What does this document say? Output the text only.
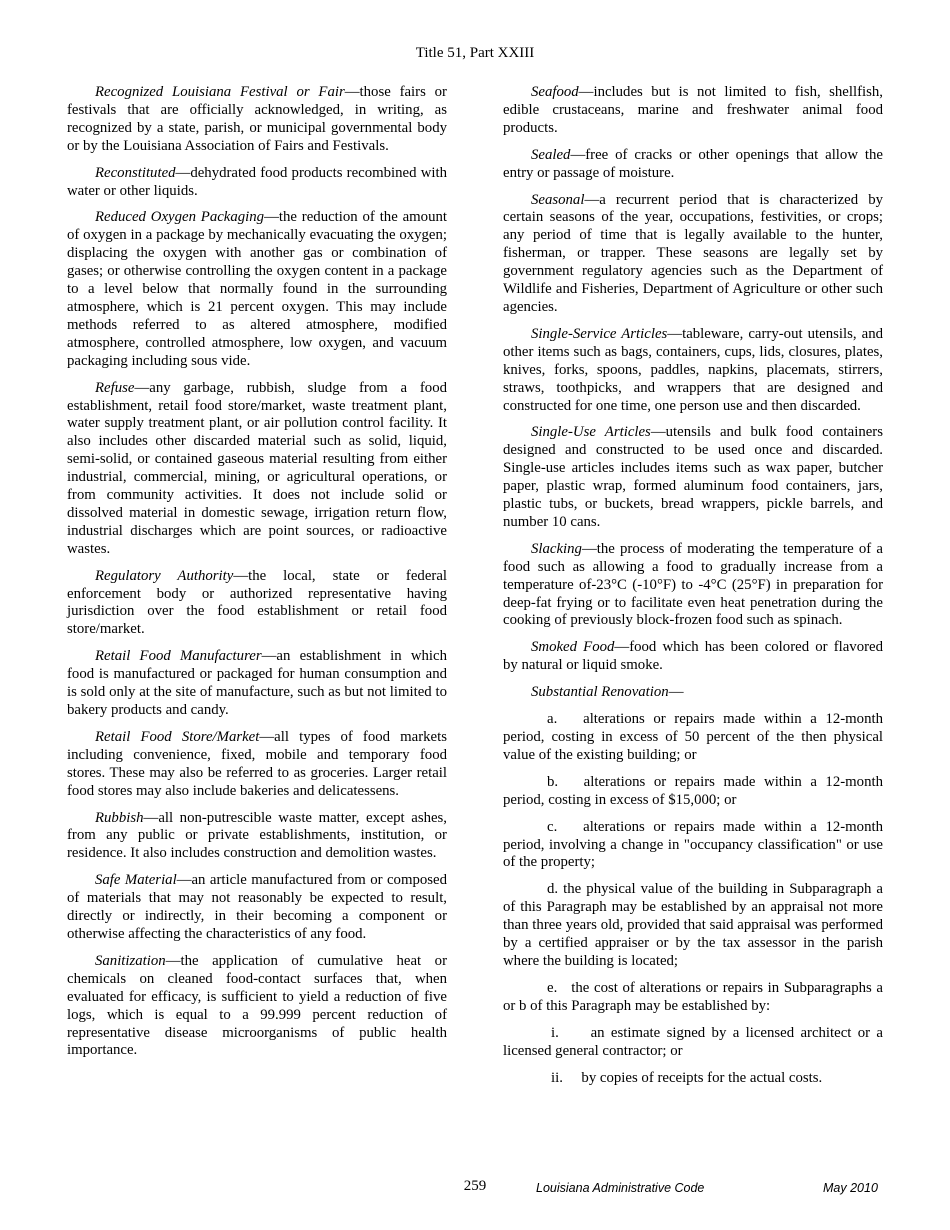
Title 51, Part XXIII

Recognized Louisiana Festival or Fair—those fairs or festivals that are officially acknowledged, in writing, as recognized by a state, parish, or municipal governmental body or by the Louisiana Association of Fairs and Festivals.

Reconstituted—dehydrated food products recombined with water or other liquids.

Reduced Oxygen Packaging—the reduction of the amount of oxygen in a package by mechanically evacuating the oxygen; displacing the oxygen with another gas or combination of gases; or otherwise controlling the oxygen content in a package to a level below that normally found in the surrounding atmosphere, which is 21 percent oxygen. This may include methods referred to as altered atmosphere, modified atmosphere, controlled atmosphere, low oxygen, and vacuum packaging including sous vide.

Refuse—any garbage, rubbish, sludge from a food establishment, retail food store/market, waste treatment plant, water supply treatment plant, or air pollution control facility. It also includes other discarded material such as solid, liquid, semi-solid, or contained gaseous material resulting from either industrial, commercial, mining, or agricultural operations, or from community activities. It does not include solid or dissolved material in domestic sewage, irrigation return flow, industrial discharges which are point sources, or radioactive wastes.

Regulatory Authority—the local, state or federal enforcement body or authorized representative having jurisdiction over the food establishment or retail food store/market.

Retail Food Manufacturer—an establishment in which food is manufactured or packaged for human consumption and is sold only at the site of manufacture, such as but not limited to bakery products and candy.

Retail Food Store/Market—all types of food markets including convenience, fixed, mobile and temporary food stores. These may also be referred to as groceries. Larger retail food stores may also include bakeries and delicatessens.

Rubbish—all non-putrescible waste matter, except ashes, from any public or private establishments, institution, or residence. It also includes construction and demolition wastes.

Safe Material—an article manufactured from or composed of materials that may not reasonably be expected to result, directly or indirectly, in their becoming a component or otherwise affecting the characteristics of any food.

Sanitization—the application of cumulative heat or chemicals on cleaned food-contact surfaces that, when evaluated for efficacy, is sufficient to yield a reduction of five logs, which is equal to a 99.999 percent reduction of representative disease microorganisms of public health importance.

Seafood—includes but is not limited to fish, shellfish, edible crustaceans, marine and freshwater animal food products.

Sealed—free of cracks or other openings that allow the entry or passage of moisture.

Seasonal—a recurrent period that is characterized by certain seasons of the year, occupations, festivities, or crops; any period of time that is legally available to the hunter, fisherman, or trapper. These seasons are legally set by government regulatory agencies such as the Department of Wildlife and Fisheries, Department of Agriculture or other such agencies.

Single-Service Articles—tableware, carry-out utensils, and other items such as bags, containers, cups, lids, closures, plates, knives, forks, spoons, paddles, napkins, placemats, stirrers, straws, toothpicks, and wrappers that are designed and constructed for one time, one person use and then discarded.

Single-Use Articles—utensils and bulk food containers designed and constructed to be used once and discarded. Single-use articles includes items such as wax paper, butcher paper, plastic wrap, formed aluminum food containers, jars, plastic tubs, or buckets, bread wrappers, pickle barrels, and number 10 cans.

Slacking—the process of moderating the temperature of a food such as allowing a food to gradually increase from a temperature of-23°C (-10°F) to -4°C (25°F) in preparation for deep-fat frying or to facilitate even heat penetration during the cooking of previously block-frozen food such as spinach.

Smoked Food—food which has been colored or flavored by natural or liquid smoke.

Substantial Renovation—

a. alterations or repairs made within a 12-month period, costing in excess of 50 percent of the then physical value of the existing building; or

b. alterations or repairs made within a 12-month period, costing in excess of $15,000; or

c. alterations or repairs made within a 12-month period, involving a change in "occupancy classification" or use of the property;

d. the physical value of the building in Subparagraph a of this Paragraph may be established by an appraisal not more than three years old, provided that said appraisal was performed by a certified appraiser or by the tax assessor in the parish where the building is located;

e. the cost of alterations or repairs in Subparagraphs a or b of this Paragraph may be established by:

i. an estimate signed by a licensed architect or a licensed general contractor; or

ii. by copies of receipts for the actual costs.

259	Louisiana Administrative Code	May 2010
